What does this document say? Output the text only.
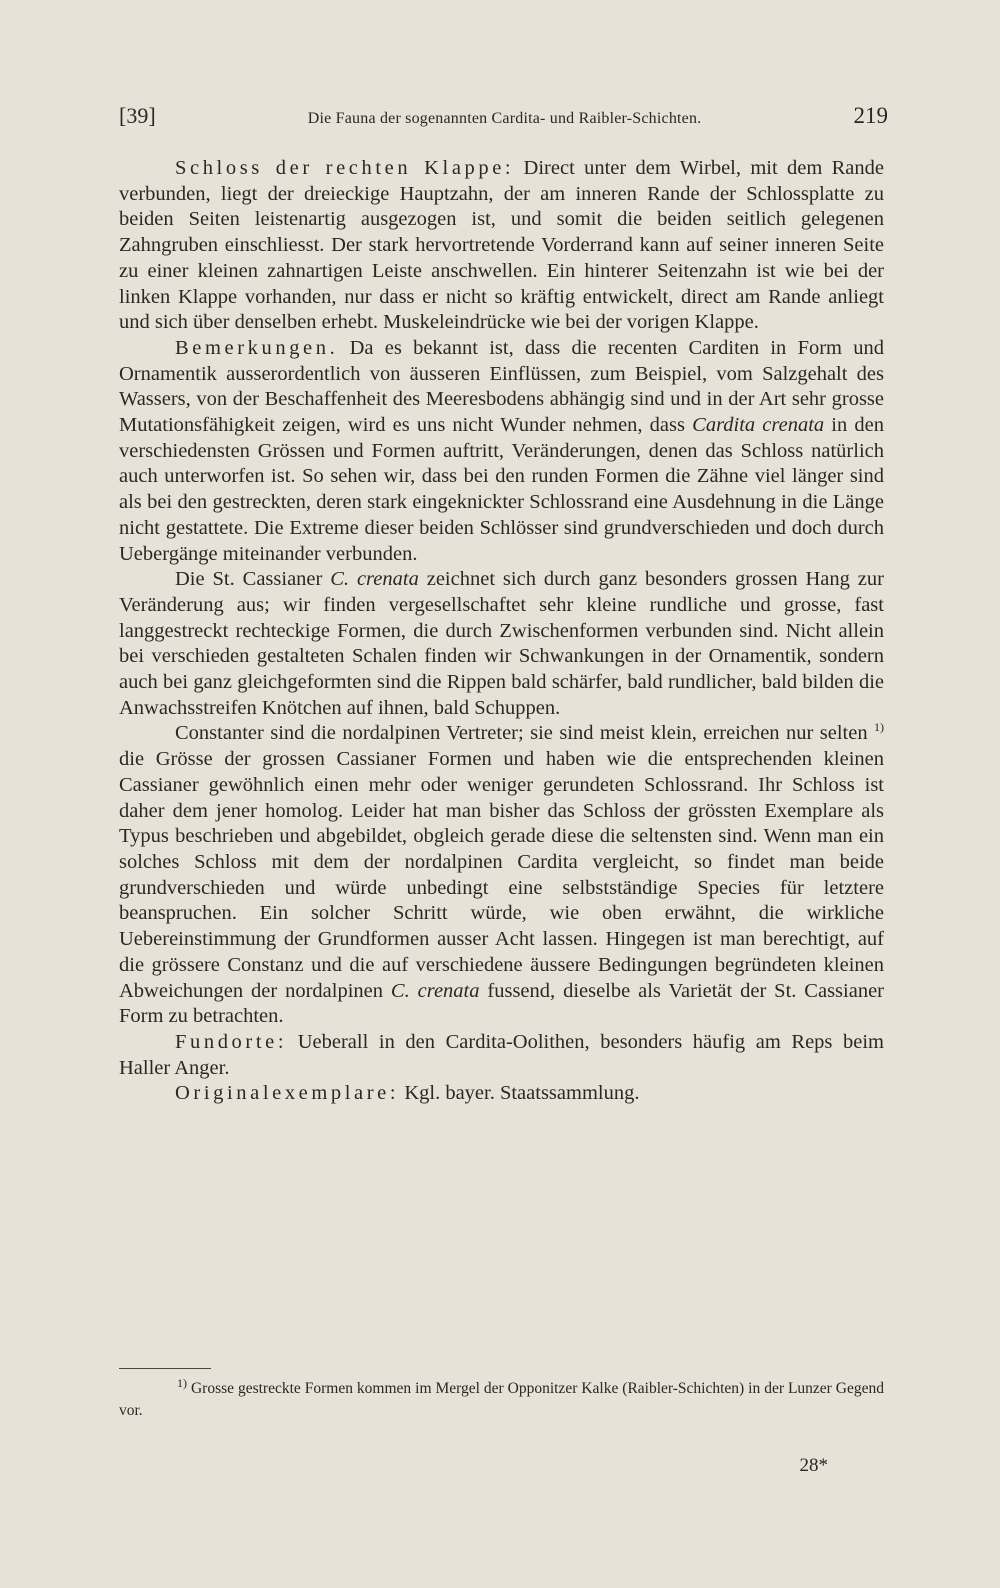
[39]	Die Fauna der sogenannten Cardita- und Raibler-Schichten.	219

Schloss der rechten Klappe: Direct unter dem Wirbel, mit dem Rande verbunden, liegt der dreieckige Hauptzahn, der am inneren Rande der Schlossplatte zu beiden Seiten leistenartig ausgezogen ist, und somit die beiden seitlich gelegenen Zahngruben einschliesst. Der stark hervortretende Vorderrand kann auf seiner inneren Seite zu einer kleinen zahnartigen Leiste anschwellen. Ein hinterer Seitenzahn ist wie bei der linken Klappe vorhanden, nur dass er nicht so kräftig entwickelt, direct am Rande anliegt und sich über denselben erhebt. Muskeleindrücke wie bei der vorigen Klappe.

Bemerkungen. Da es bekannt ist, dass die recenten Carditen in Form und Ornamentik ausserordentlich von äusseren Einflüssen, zum Beispiel, vom Salzgehalt des Wassers, von der Beschaffenheit des Meeresbodens abhängig sind und in der Art sehr grosse Mutationsfähigkeit zeigen, wird es uns nicht Wunder nehmen, dass Cardita crenata in den verschiedensten Grössen und Formen auftritt, Veränderungen, denen das Schloss natürlich auch unterworfen ist. So sehen wir, dass bei den runden Formen die Zähne viel länger sind als bei den gestreckten, deren stark eingeknickter Schlossrand eine Ausdehnung in die Länge nicht gestattete. Die Extreme dieser beiden Schlösser sind grundverschieden und doch durch Uebergänge miteinander verbunden.

Die St. Cassianer C. crenata zeichnet sich durch ganz besonders grossen Hang zur Veränderung aus; wir finden vergesellschaftet sehr kleine rundliche und grosse, fast langgestreckt rechteckige Formen, die durch Zwischenformen verbunden sind. Nicht allein bei verschieden gestalteten Schalen finden wir Schwankungen in der Ornamentik, sondern auch bei ganz gleichgeformten sind die Rippen bald schärfer, bald rundlicher, bald bilden die Anwachsstreifen Knötchen auf ihnen, bald Schuppen.

Constanter sind die nordalpinen Vertreter; sie sind meist klein, erreichen nur selten $^{1)}$ die Grösse der grossen Cassianer Formen und haben wie die entsprechenden kleinen Cassianer gewöhnlich einen mehr oder weniger gerundeten Schlossrand. Ihr Schloss ist daher dem jener homolog. Leider hat man bisher das Schloss der grössten Exemplare als Typus beschrieben und abgebildet, obgleich gerade diese die seltensten sind. Wenn man ein solches Schloss mit dem der nordalpinen Cardita vergleicht, so findet man beide grundverschieden und würde unbedingt eine selbstständige Species für letztere beanspruchen. Ein solcher Schritt würde, wie oben erwähnt, die wirkliche Uebereinstimmung der Grundformen ausser Acht lassen. Hingegen ist man berechtigt, auf die grössere Constanz und die auf verschiedene äussere Bedingungen begründeten kleinen Abweichungen der nordalpinen C. crenata fussend, dieselbe als Varietät der St. Cassianer Form zu betrachten.

Fundorte: Ueberall in den Cardita-Oolithen, besonders häufig am Reps beim Haller Anger.

Originalexemplare: Kgl. bayer. Staatssammlung.

$^{1)}$ Grosse gestreckte Formen kommen im Mergel der Opponitzer Kalke (Raibler-Schichten) in der Lunzer Gegend vor.

28*
